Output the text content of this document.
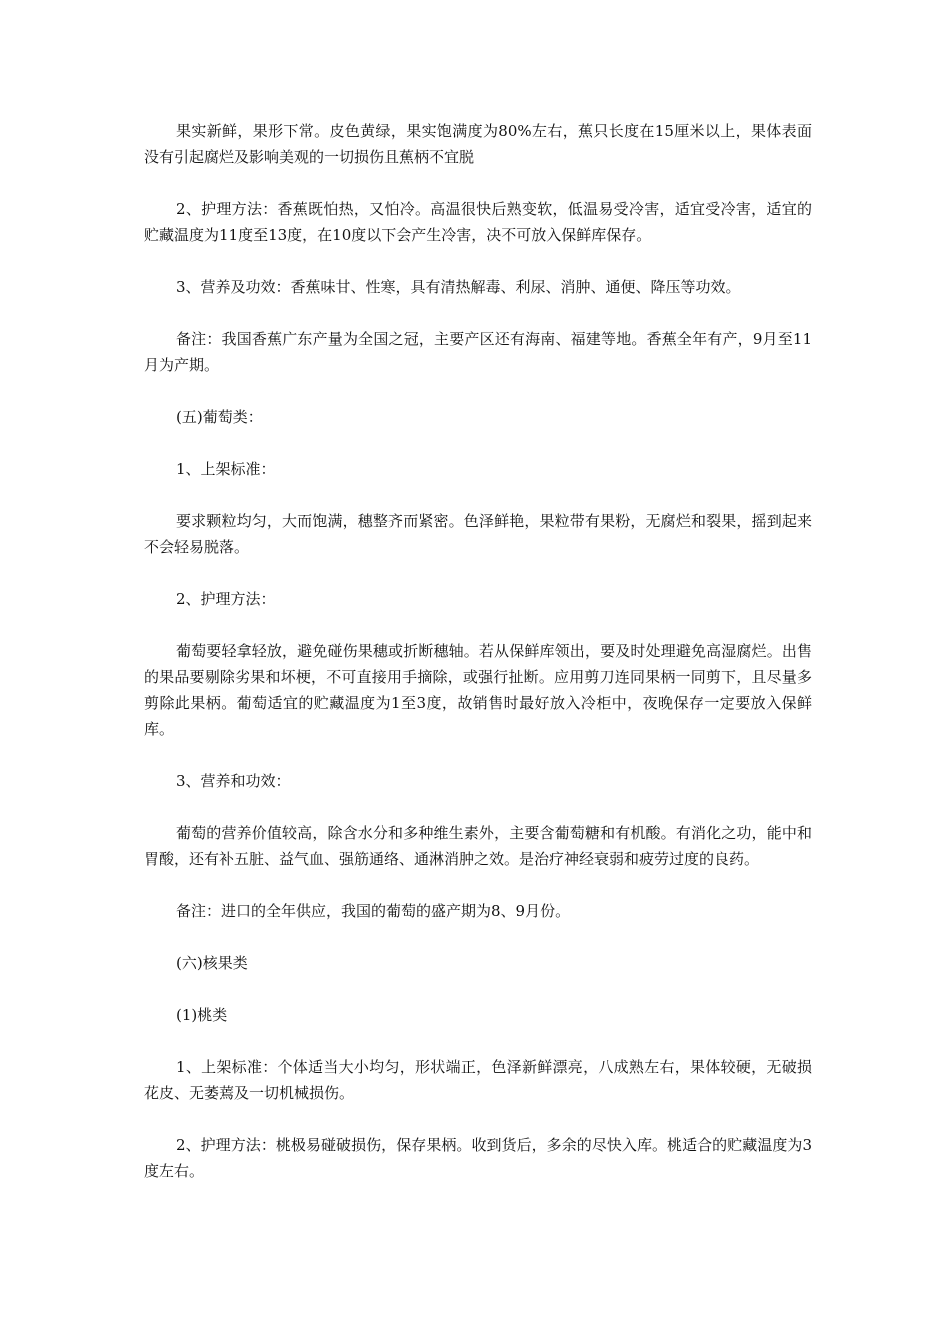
果实新鲜，果形下常。皮色黄绿，果实饱满度为80%左右，蕉只长度在15厘米以上，果体表面没有引起腐烂及影响美观的一切损伤且蕉柄不宜脱

2、护理方法：香蕉既怕热，又怕冷。高温很快后熟变软，低温易受冷害，适宜受冷害，适宜的贮藏温度为11度至13度，在10度以下会产生冷害，决不可放入保鲜库保存。

3、营养及功效：香蕉味甘、性寒，具有清热解毒、利尿、消肿、通便、降压等功效。

备注：我国香蕉广东产量为全国之冠，主要产区还有海南、福建等地。香蕉全年有产，9月至11月为产期。

(五)葡萄类：

1、上架标准：

要求颗粒均匀，大而饱满，穗整齐而紧密。色泽鲜艳，果粒带有果粉，无腐烂和裂果，摇到起来不会轻易脱落。

2、护理方法：

葡萄要轻拿轻放，避免碰伤果穗或折断穗轴。若从保鲜库领出，要及时处理避免高湿腐烂。出售的果品要剔除劣果和坏梗，不可直接用手摘除，或强行扯断。应用剪刀连同果柄一同剪下，且尽量多剪除此果柄。葡萄适宜的贮藏温度为1至3度，故销售时最好放入冷柜中，夜晚保存一定要放入保鲜库。

3、营养和功效：

葡萄的营养价值较高，除含水分和多种维生素外，主要含葡萄糖和有机酸。有消化之功，能中和胃酸，还有补五脏、益气血、强筋通络、通淋消肿之效。是治疗神经衰弱和疲劳过度的良药。

备注：进口的全年供应，我国的葡萄的盛产期为8、9月份。

(六)核果类

(1)桃类

1、上架标准：个体适当大小均匀，形状端正，色泽新鲜漂亮，八成熟左右，果体较硬，无破损花皮、无萎蔫及一切机械损伤。

2、护理方法：桃极易碰破损伤，保存果柄。收到货后，多余的尽快入库。桃适合的贮藏温度为3度左右。
